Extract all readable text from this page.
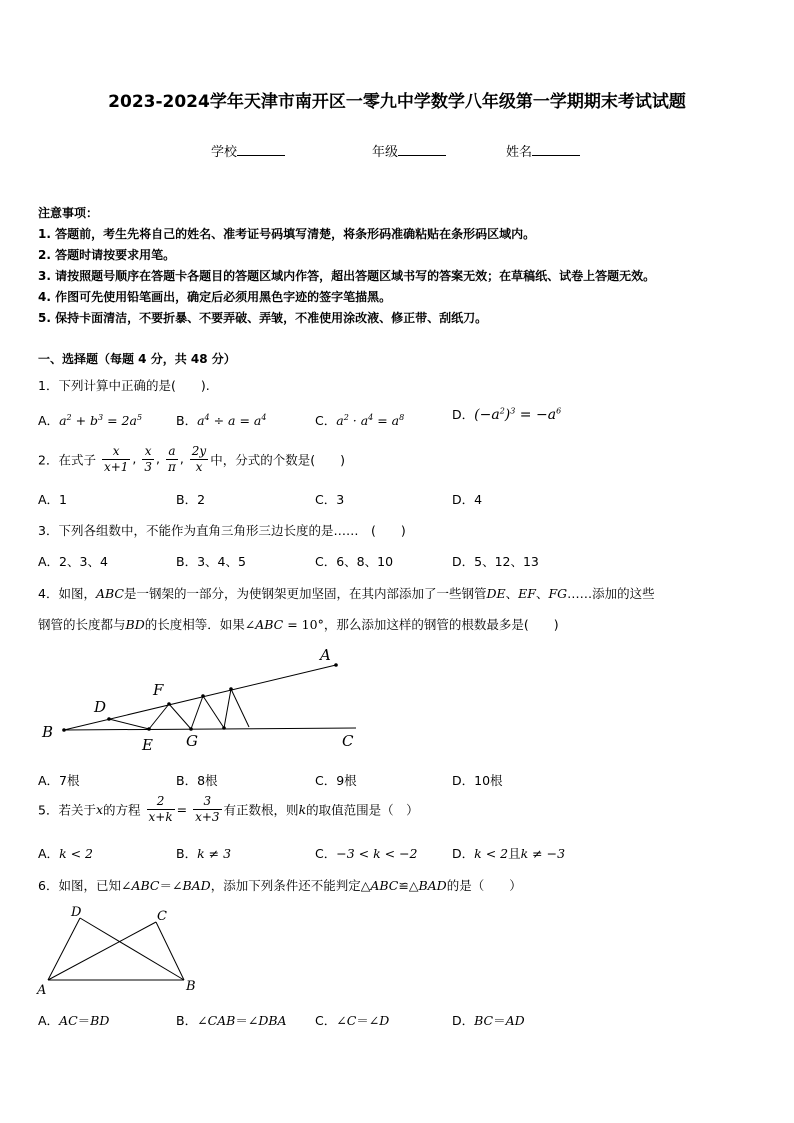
2023-2024学年天津市南开区一零九中学数学八年级第一学期期末考试试题
学校	年级	姓名
注意事项：
1. 答题前，考生先将自己的姓名、准考证号码填写清楚，将条形码准确粘贴在条形码区域内。
2. 答题时请按要求用笔。
3. 请按照题号顺序在答题卡各题目的答题区域内作答，超出答题区域书写的答案无效；在草稿纸、试卷上答题无效。
4. 作图可先使用铅笔画出，确定后必须用黑色字迹的签字笔描黑。
5. 保持卡面清洁，不要折暴、不要弄破、弄皱，不准使用涂改液、修正带、刮纸刀。
一、选择题（每题 4 分，共 48 分）
1．下列计算中正确的是(　　).
A．$a^2 + b^3 = 2a^5$	B．$a^4 \div a = a^4$	C．$a^2 \cdot a^4 = a^8$	D．$(-a^2)^3 = -a^6$
2．在式子 $\frac{x}{x+1}$ , $\frac{x}{3}$ , $\frac{a}{\pi}$ , $\frac{2y}{x}$ 中，分式的个数是(　　)
A．1	B．2	C．3	D．4
3．下列各组数中，不能作为直角三角形三边长度的是……　(　　)
A．2、3、4	B．3、4、5	C．6、8、10	D．5、12、13
4．如图，ABC是一钢架的一部分，为使钢架更加坚固，在其内部添加了一些钢管DE、EF、FG……添加的这些
钢管的长度都与BD的长度相等．如果∠ABC = 10°，那么添加这样的钢管的根数最多是(　　)
B
D
E
F
G
A
C
A．7根	B．8根	C．9根	D．10根
5．若关于x的方程 $\frac{2}{x+k} = \frac{3}{x+3}$ 有正数根，则k的取值范围是（　）
A．k < 2	B．k ≠ 3	C．−3 < k < −2	D．k < 2且k ≠ −3
6．如图，已知∠ABC＝∠BAD，添加下列条件还不能判定△ABC≌△BAD的是（　　）
A	B
C
D
A．AC＝BD	B．∠CAB＝∠DBA C．∠C＝∠D	D．BC＝AD
